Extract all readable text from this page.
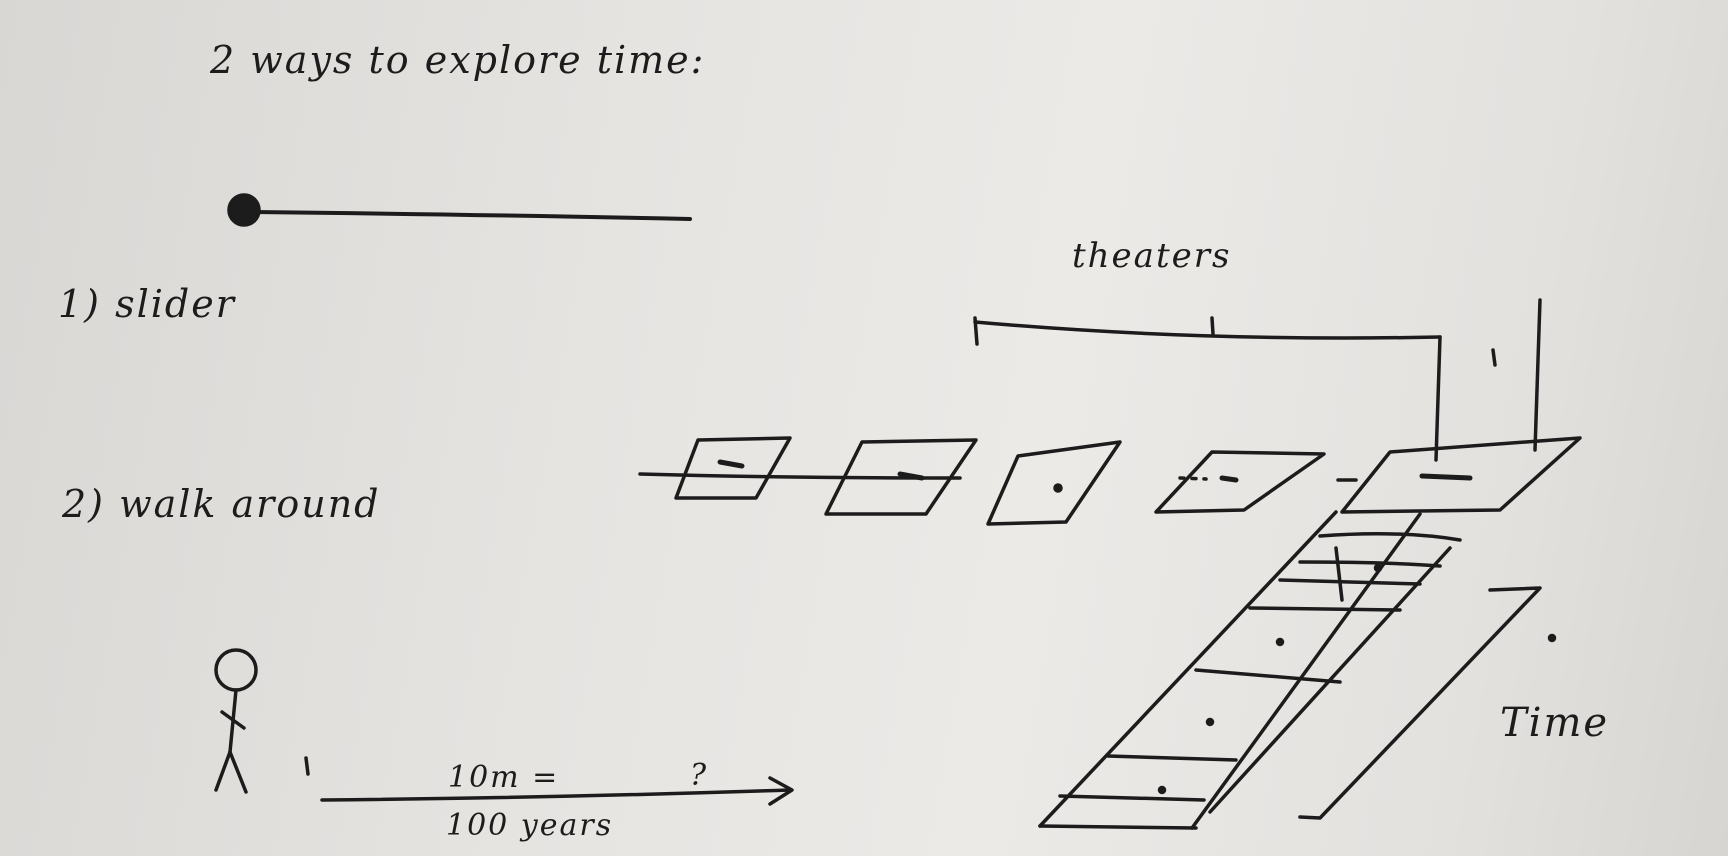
2 ways to explore time:
1) slider
2) walk around
theaters
Time
10m =	?
100 years
